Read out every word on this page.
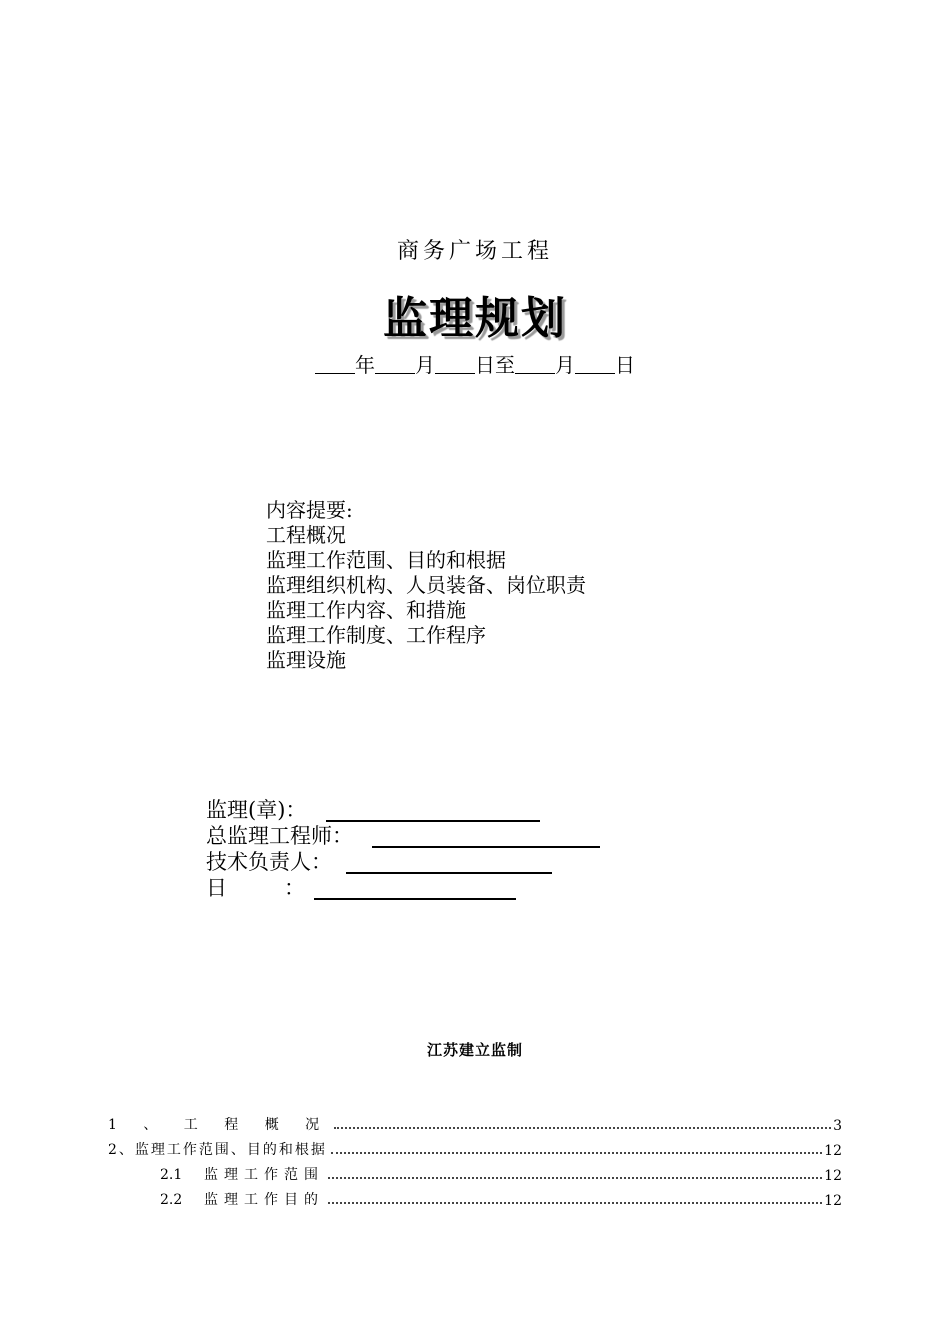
商务广场工程
监理规划
年 月 日至 月 日
内容提要:
工程概况
监理工作范围、目的和根据
监理组织机构、人员装备、岗位职责
监理工作内容、和措施
监理工作制度、工作程序
监理设施
监理(章)：
总监理工程师：
技术负责人：
日	：
江苏建立监制
1 、 工 程 概 况	3
2、监理工作范围、目的和根据	12
2.1 监理工作范围	12
2.2 监理工作目的	12
